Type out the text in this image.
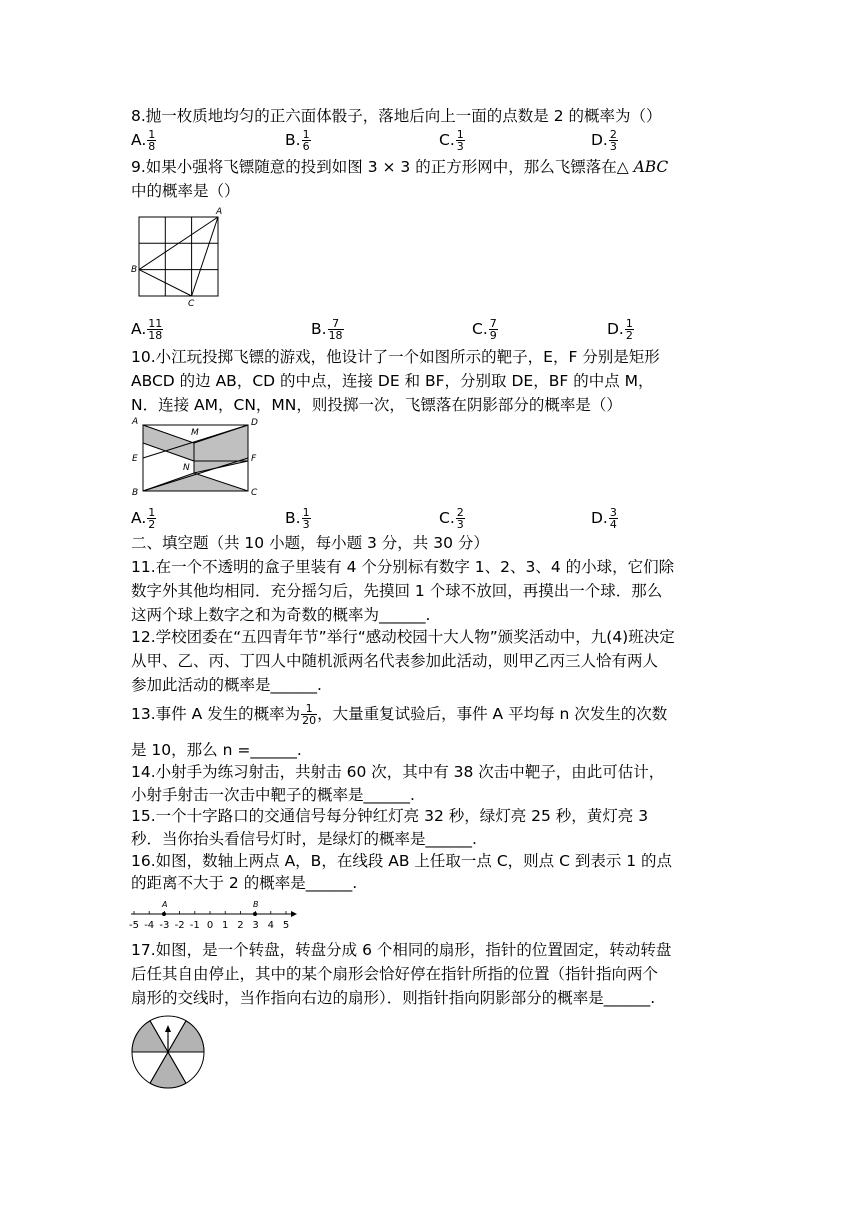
8.抛一枚质地均匀的正六面体骰子，落地后向上一面的点数是 2 的概率为（）
A. $\frac{1}{8}$	B. $\frac{1}{6}$	C. $\frac{1}{3}$	D. $\frac{2}{3}$
9.如果小强将飞镖随意的投到如图 3 × 3 的正方形网中，那么飞镖落在△ ABC
中的概率是（）
A
B
C
A. $\frac{11}{18}$	B. $\frac{7}{18}$	C. $\frac{7}{9}$	D. $\frac{1}{2}$
10.小江玩投掷飞镖的游戏，他设计了一个如图所示的靶子，E，F 分别是矩形
ABCD 的边 AB，CD 的中点，连接 DE 和 BF，分别取 DE，BF 的中点 M，
N．连接 AM，CN，MN，则投掷一次，飞镖落在阴影部分的概率是（）
A	D
M
E	F
N
B	C
A. $\frac{1}{2}$	B. $\frac{1}{3}$	C. $\frac{2}{3}$	D. $\frac{3}{4}$
二、填空题（共 10 小题，每小题 3 分，共 30 分）
11.在一个不透明的盒子里装有 4 个分别标有数字 1、2、3、4 的小球，它们除
数字外其他均相同．充分摇匀后，先摸回 1 个球不放回，再摸出一个球．那么
这两个球上数字之和为奇数的概率为______.
12.学校团委在“五四青年节”举行“感动校园十大人物”颁奖活动中，九(4)班决定
从甲、乙、丙、丁四人中随机派两名代表参加此活动，则甲乙丙三人恰有两人
参加此活动的概率是______.
13.事件 A 发生的概率为 $\frac{1}{20}$ ，大量重复试验后，事件 A 平均每 n 次发生的次数
是 10，那么 n =______.
14.小射手为练习射击，共射击 60 次，其中有 38 次击中靶子，由此可估计，
小射手射击一次击中靶子的概率是______.
15.一个十字路口的交通信号每分钟红灯亮 32 秒，绿灯亮 25 秒，黄灯亮 3
秒．当你抬头看信号灯时，是绿灯的概率是______.
16.如图，数轴上两点 A，B，在线段 AB 上任取一点 C，则点 C 到表示 1 的点
的距离不大于 2 的概率是______.
A	B
-5 -4 -3 -2 -1 0 1 2 3 4 5
17.如图，是一个转盘，转盘分成 6 个相同的扇形，指针的位置固定，转动转盘
后任其自由停止，其中的某个扇形会恰好停在指针所指的位置（指针指向两个
扇形的交线时，当作指向右边的扇形）．则指针指向阴影部分的概率是______.
